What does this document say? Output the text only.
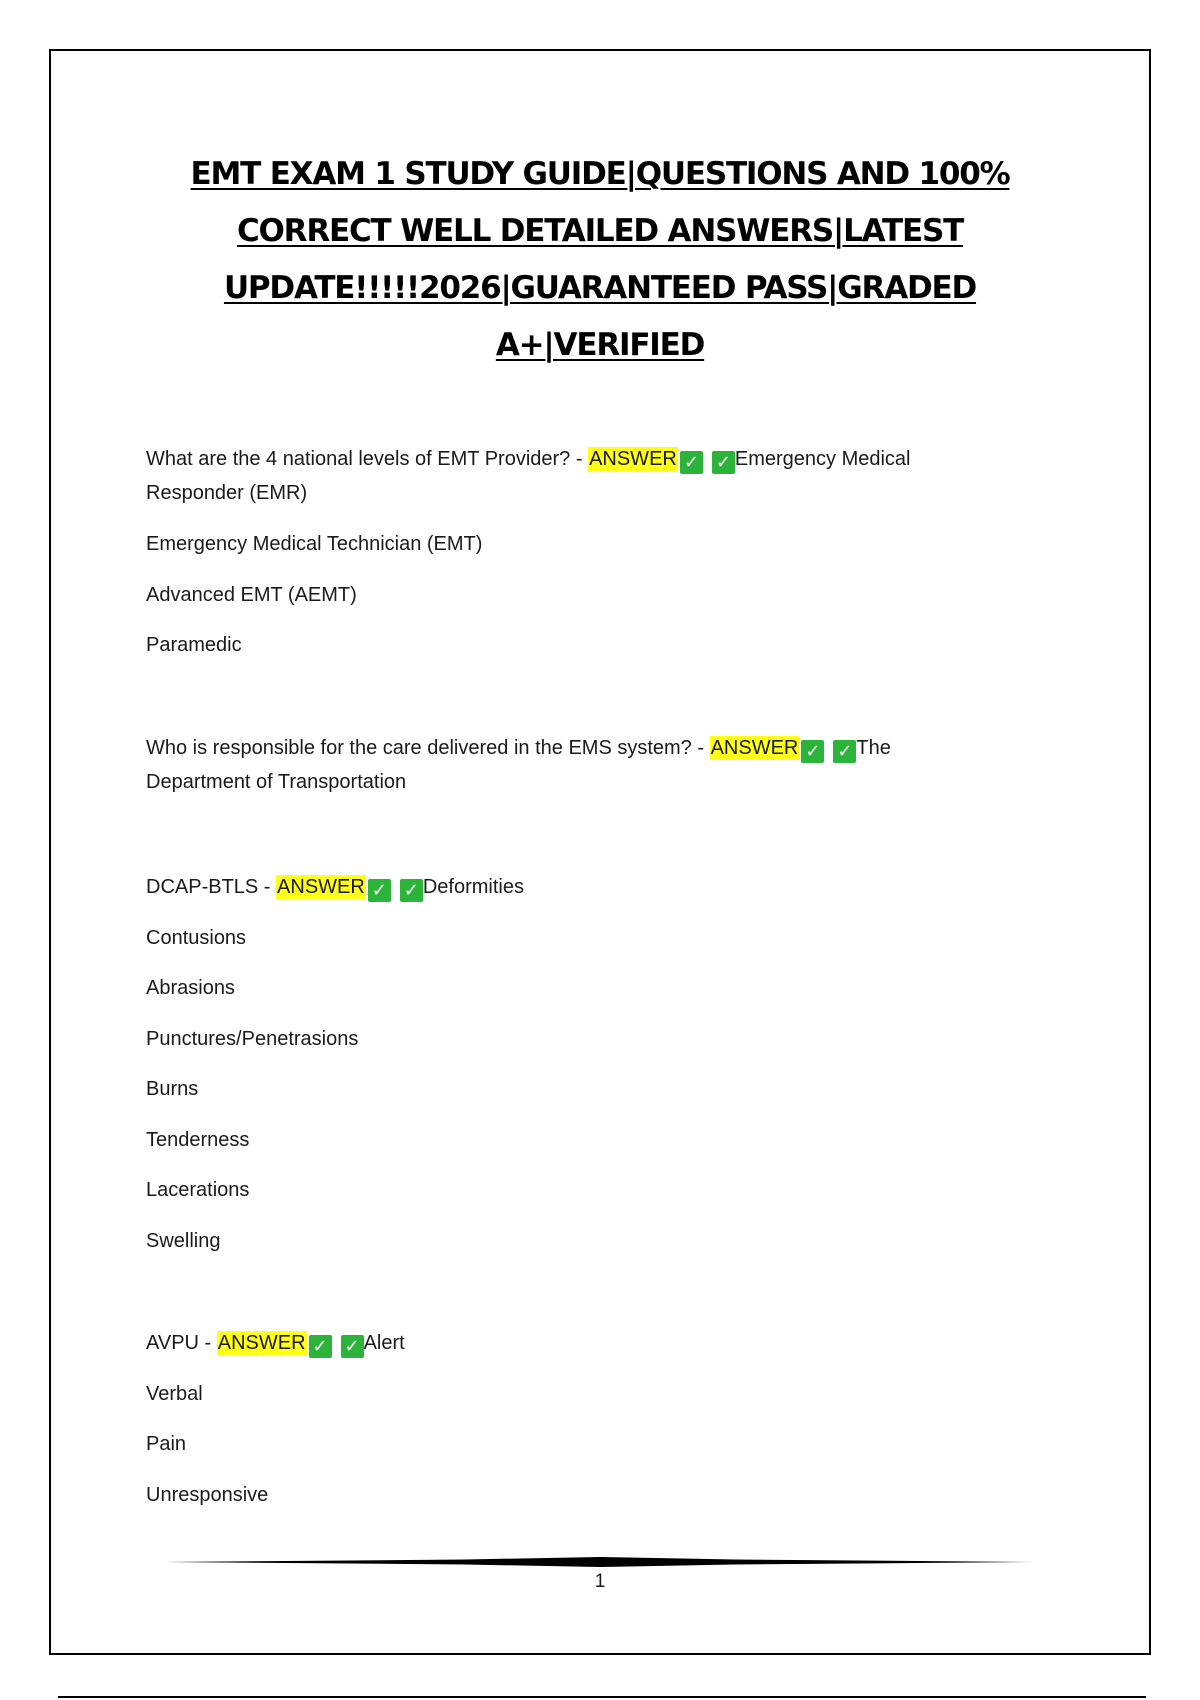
EMT EXAM 1 STUDY GUIDE|QUESTIONS AND 100%
CORRECT WELL DETAILED ANSWERS|LATEST
UPDATE!!!!!2026|GUARANTEED PASS|GRADED
A+|VERIFIED
What are the 4 national levels of EMT Provider? - ANSWER ✓ ✓ Emergency Medical
Responder (EMR)
Emergency Medical Technician (EMT)
Advanced EMT (AEMT)
Paramedic
Who is responsible for the care delivered in the EMS system? - ANSWER ✓ ✓ The
Department of Transportation
DCAP-BTLS - ANSWER ✓ ✓ Deformities
Contusions
Abrasions
Punctures/Penetrasions
Burns
Tenderness
Lacerations
Swelling
AVPU - ANSWER ✓ ✓ Alert
Verbal
Pain
Unresponsive
1
